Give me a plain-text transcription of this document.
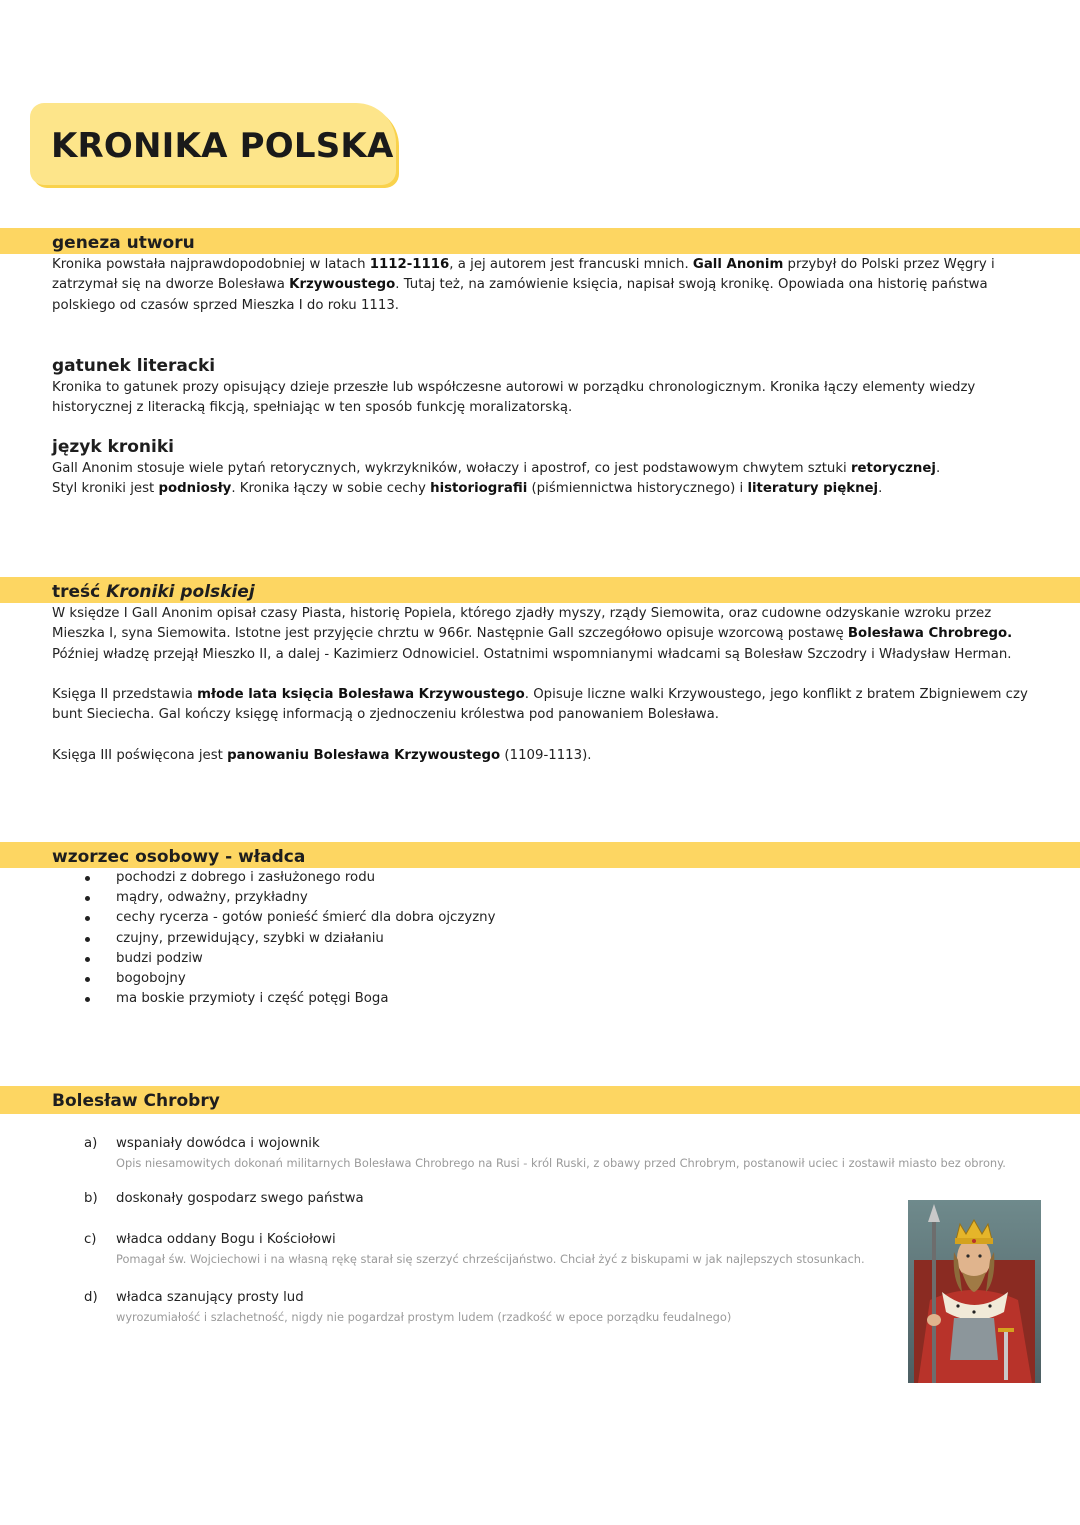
KRONIKA POLSKA
geneza utworu
Kronika powstała najprawdopodobniej w latach 1112-1116, a jej autorem jest francuski mnich. Gall Anonim przybył do Polski przez Węgry i
zatrzymał się na dworze Bolesława Krzywoustego. Tutaj też, na zamówienie księcia, napisał swoją kronikę. Opowiada ona historię państwa
polskiego od czasów sprzed Mieszka I do roku 1113.
gatunek literacki
Kronika to gatunek prozy opisujący dzieje przeszłe lub współczesne autorowi w porządku chronologicznym. Kronika łączy elementy wiedzy
historycznej z literacką fikcją, spełniając w ten sposób funkcję moralizatorską.
język kroniki
Gall Anonim stosuje wiele pytań retorycznych, wykrzykników, wołaczy i apostrof, co jest podstawowym chwytem sztuki retorycznej.
Styl kroniki jest podniosły. Kronika łączy w sobie cechy historiografii (piśmiennictwa historycznego) i literatury pięknej.
treść Kroniki polskiej
W księdze I Gall Anonim opisał czasy Piasta, historię Popiela, którego zjadły myszy, rządy Siemowita, oraz cudowne odzyskanie wzroku przez
Mieszka I, syna Siemowita. Istotne jest przyjęcie chrztu w 966r. Następnie Gall szczegółowo opisuje wzorcową postawę Bolesława Chrobrego.
Później władzę przejął Mieszko II, a dalej - Kazimierz Odnowiciel. Ostatnimi wspomnianymi władcami są Bolesław Szczodry i Władysław Herman.
Księga II przedstawia młode lata księcia Bolesława Krzywoustego. Opisuje liczne walki Krzywoustego, jego konflikt z bratem Zbigniewem czy
bunt Sieciecha. Gal kończy księgę informacją o zjednoczeniu królestwa pod panowaniem Bolesława.
Księga III poświęcona jest panowaniu Bolesława Krzywoustego (1109-1113).
wzorzec osobowy - władca
pochodzi z dobrego i zasłużonego rodu
mądry, odważny, przykładny
cechy rycerza - gotów ponieść śmierć dla dobra ojczyzny
czujny, przewidujący, szybki w działaniu
budzi podziw
bogobojny
ma boskie przymioty i część potęgi Boga
Bolesław Chrobry
a) wspaniały dowódca i wojownik
Opis niesamowitych dokonań militarnych Bolesława Chrobrego na Rusi - król Ruski, z obawy przed Chrobrym, postanowił uciec i zostawił miasto bez obrony.
b) doskonały gospodarz swego państwa
c) władca oddany Bogu i Kościołowi
Pomagał św. Wojciechowi i na własną rękę starał się szerzyć chrześcijaństwo. Chciał żyć z biskupami w jak najlepszych stosunkach.
d) władca szanujący prosty lud
wyrozumiałość i szlachetność, nigdy nie pogardzał prostym ludem (rzadkość w epoce porządku feudalnego)
